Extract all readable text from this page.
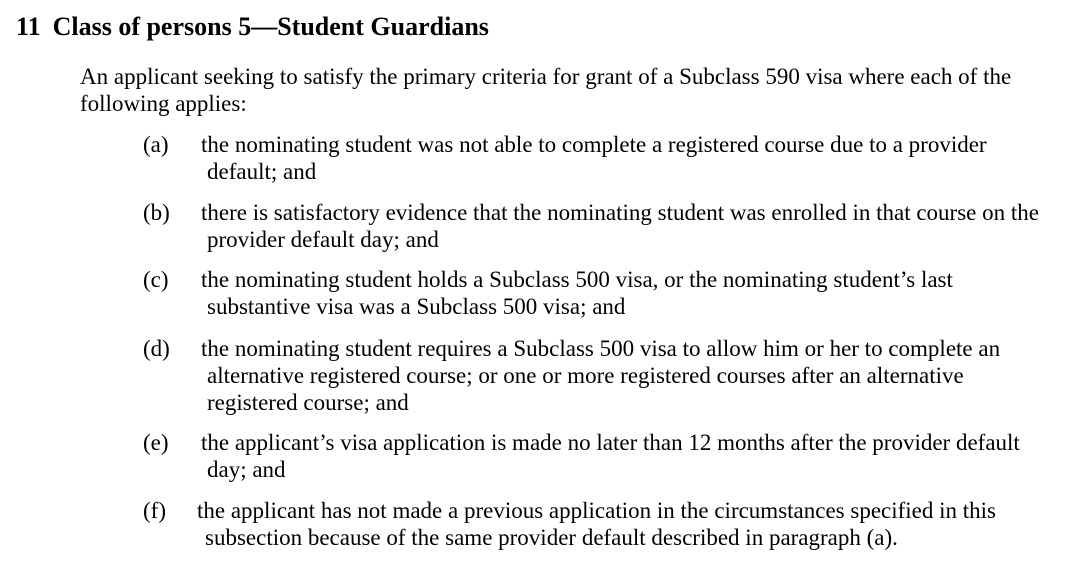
11 Class of persons 5—Student Guardians
An applicant seeking to satisfy the primary criteria for grant of a Subclass 590 visa where each of the following applies:
(a)	the nominating student was not able to complete a registered course due to a provider default; and
(b)	there is satisfactory evidence that the nominating student was enrolled in that course on the provider default day; and
(c)	the nominating student holds a Subclass 500 visa, or the nominating student’s last substantive visa was a Subclass 500 visa; and
(d)	the nominating student requires a Subclass 500 visa to allow him or her to complete an alternative registered course; or one or more registered courses after an alternative registered course; and
(e)	the applicant’s visa application is made no later than 12 months after the provider default day; and
(f)	the applicant has not made a previous application in the circumstances specified in this subsection because of the same provider default described in paragraph (a).
